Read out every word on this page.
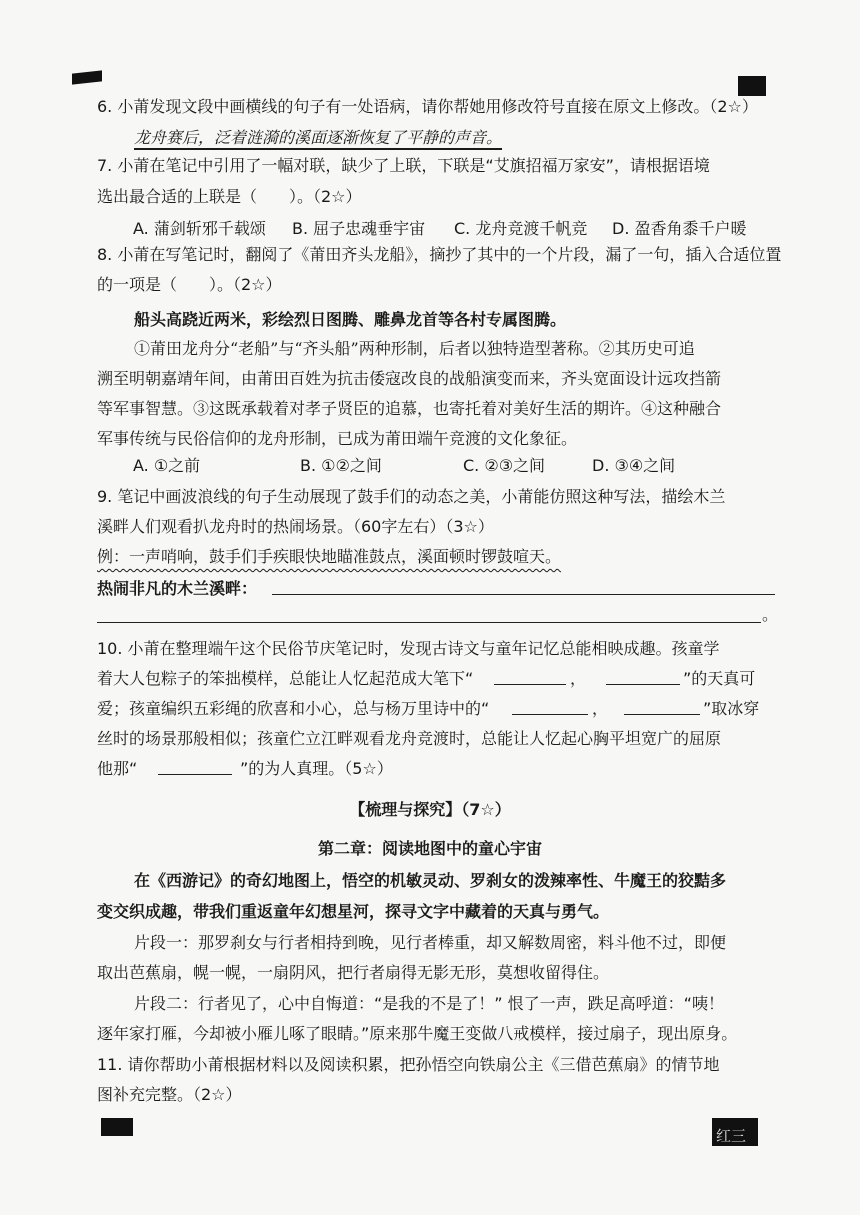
红三
6. 小莆发现文段中画横线的句子有一处语病，请你帮她用修改符号直接在原文上修改。（2☆）
龙舟赛后，泛着涟漪的溪面逐渐恢复了平静的声音。
7. 小莆在笔记中引用了一幅对联，缺少了上联，下联是“艾旗招福万家安”，请根据语境
选出最合适的上联是（　　）。（2☆）
A. 蒲剑斩邪千载颂 B. 屈子忠魂垂宇宙 C. 龙舟竞渡千帆竞 D. 盈香角黍千户暖
8. 小莆在写笔记时，翻阅了《莆田齐头龙船》，摘抄了其中的一个片段，漏了一句，插入合适位置
的一项是（　　）。（2☆）
船头高跷近两米，彩绘烈日图腾、雕鼻龙首等各村专属图腾。
①莆田龙舟分“老船”与“齐头船”两种形制，后者以独特造型著称。②其历史可追
溯至明朝嘉靖年间，由莆田百姓为抗击倭寇改良的战船演变而来，齐头宽面设计远攻挡箭
等军事智慧。③这既承载着对孝子贤臣的追慕，也寄托着对美好生活的期许。④这种融合
军事传统与民俗信仰的龙舟形制，已成为莆田端午竞渡的文化象征。
A. ①之前	B. ①②之间	C. ②③之间	D. ③④之间
9. 笔记中画波浪线的句子生动展现了鼓手们的动态之美，小莆能仿照这种写法，描绘木兰
溪畔人们观看扒龙舟时的热闹场景。（60字左右）（3☆）
例：一声哨响，鼓手们手疾眼快地瞄准鼓点，溪面顿时锣鼓喧天。
热闹非凡的木兰溪畔：
。
10. 小莆在整理端午这个民俗节庆笔记时，发现古诗文与童年记忆总能相映成趣。孩童学
着大人包粽子的笨拙模样，总能让人忆起范成大笔下“	，	”的天真可
爱；孩童编织五彩绳的欣喜和小心，总与杨万里诗中的“	，	”取冰穿
丝时的场景那般相似；孩童伫立江畔观看龙舟竞渡时，总能让人忆起心胸平坦宽广的屈原
他那“	”的为人真理。（5☆）
【梳理与探究】（7☆）
第二章：阅读地图中的童心宇宙
在《西游记》的奇幻地图上，悟空的机敏灵动、罗刹女的泼辣率性、牛魔王的狡黠多
变交织成趣，带我们重返童年幻想星河，探寻文字中藏着的天真与勇气。
片段一：那罗刹女与行者相持到晚，见行者棒重，却又解数周密，料斗他不过，即便
取出芭蕉扇，幌一幌，一扇阴风，把行者扇得无影无形，莫想收留得住。
片段二：行者见了，心中自悔道：“是我的不是了！” 恨了一声，跌足高呼道：“咦！
逐年家打雁，今却被小雁儿啄了眼睛。”原来那牛魔王变做八戒模样，接过扇子，现出原身。
11. 请你帮助小莆根据材料以及阅读积累，把孙悟空向铁扇公主《三借芭蕉扇》的情节地
图补充完整。（2☆）
